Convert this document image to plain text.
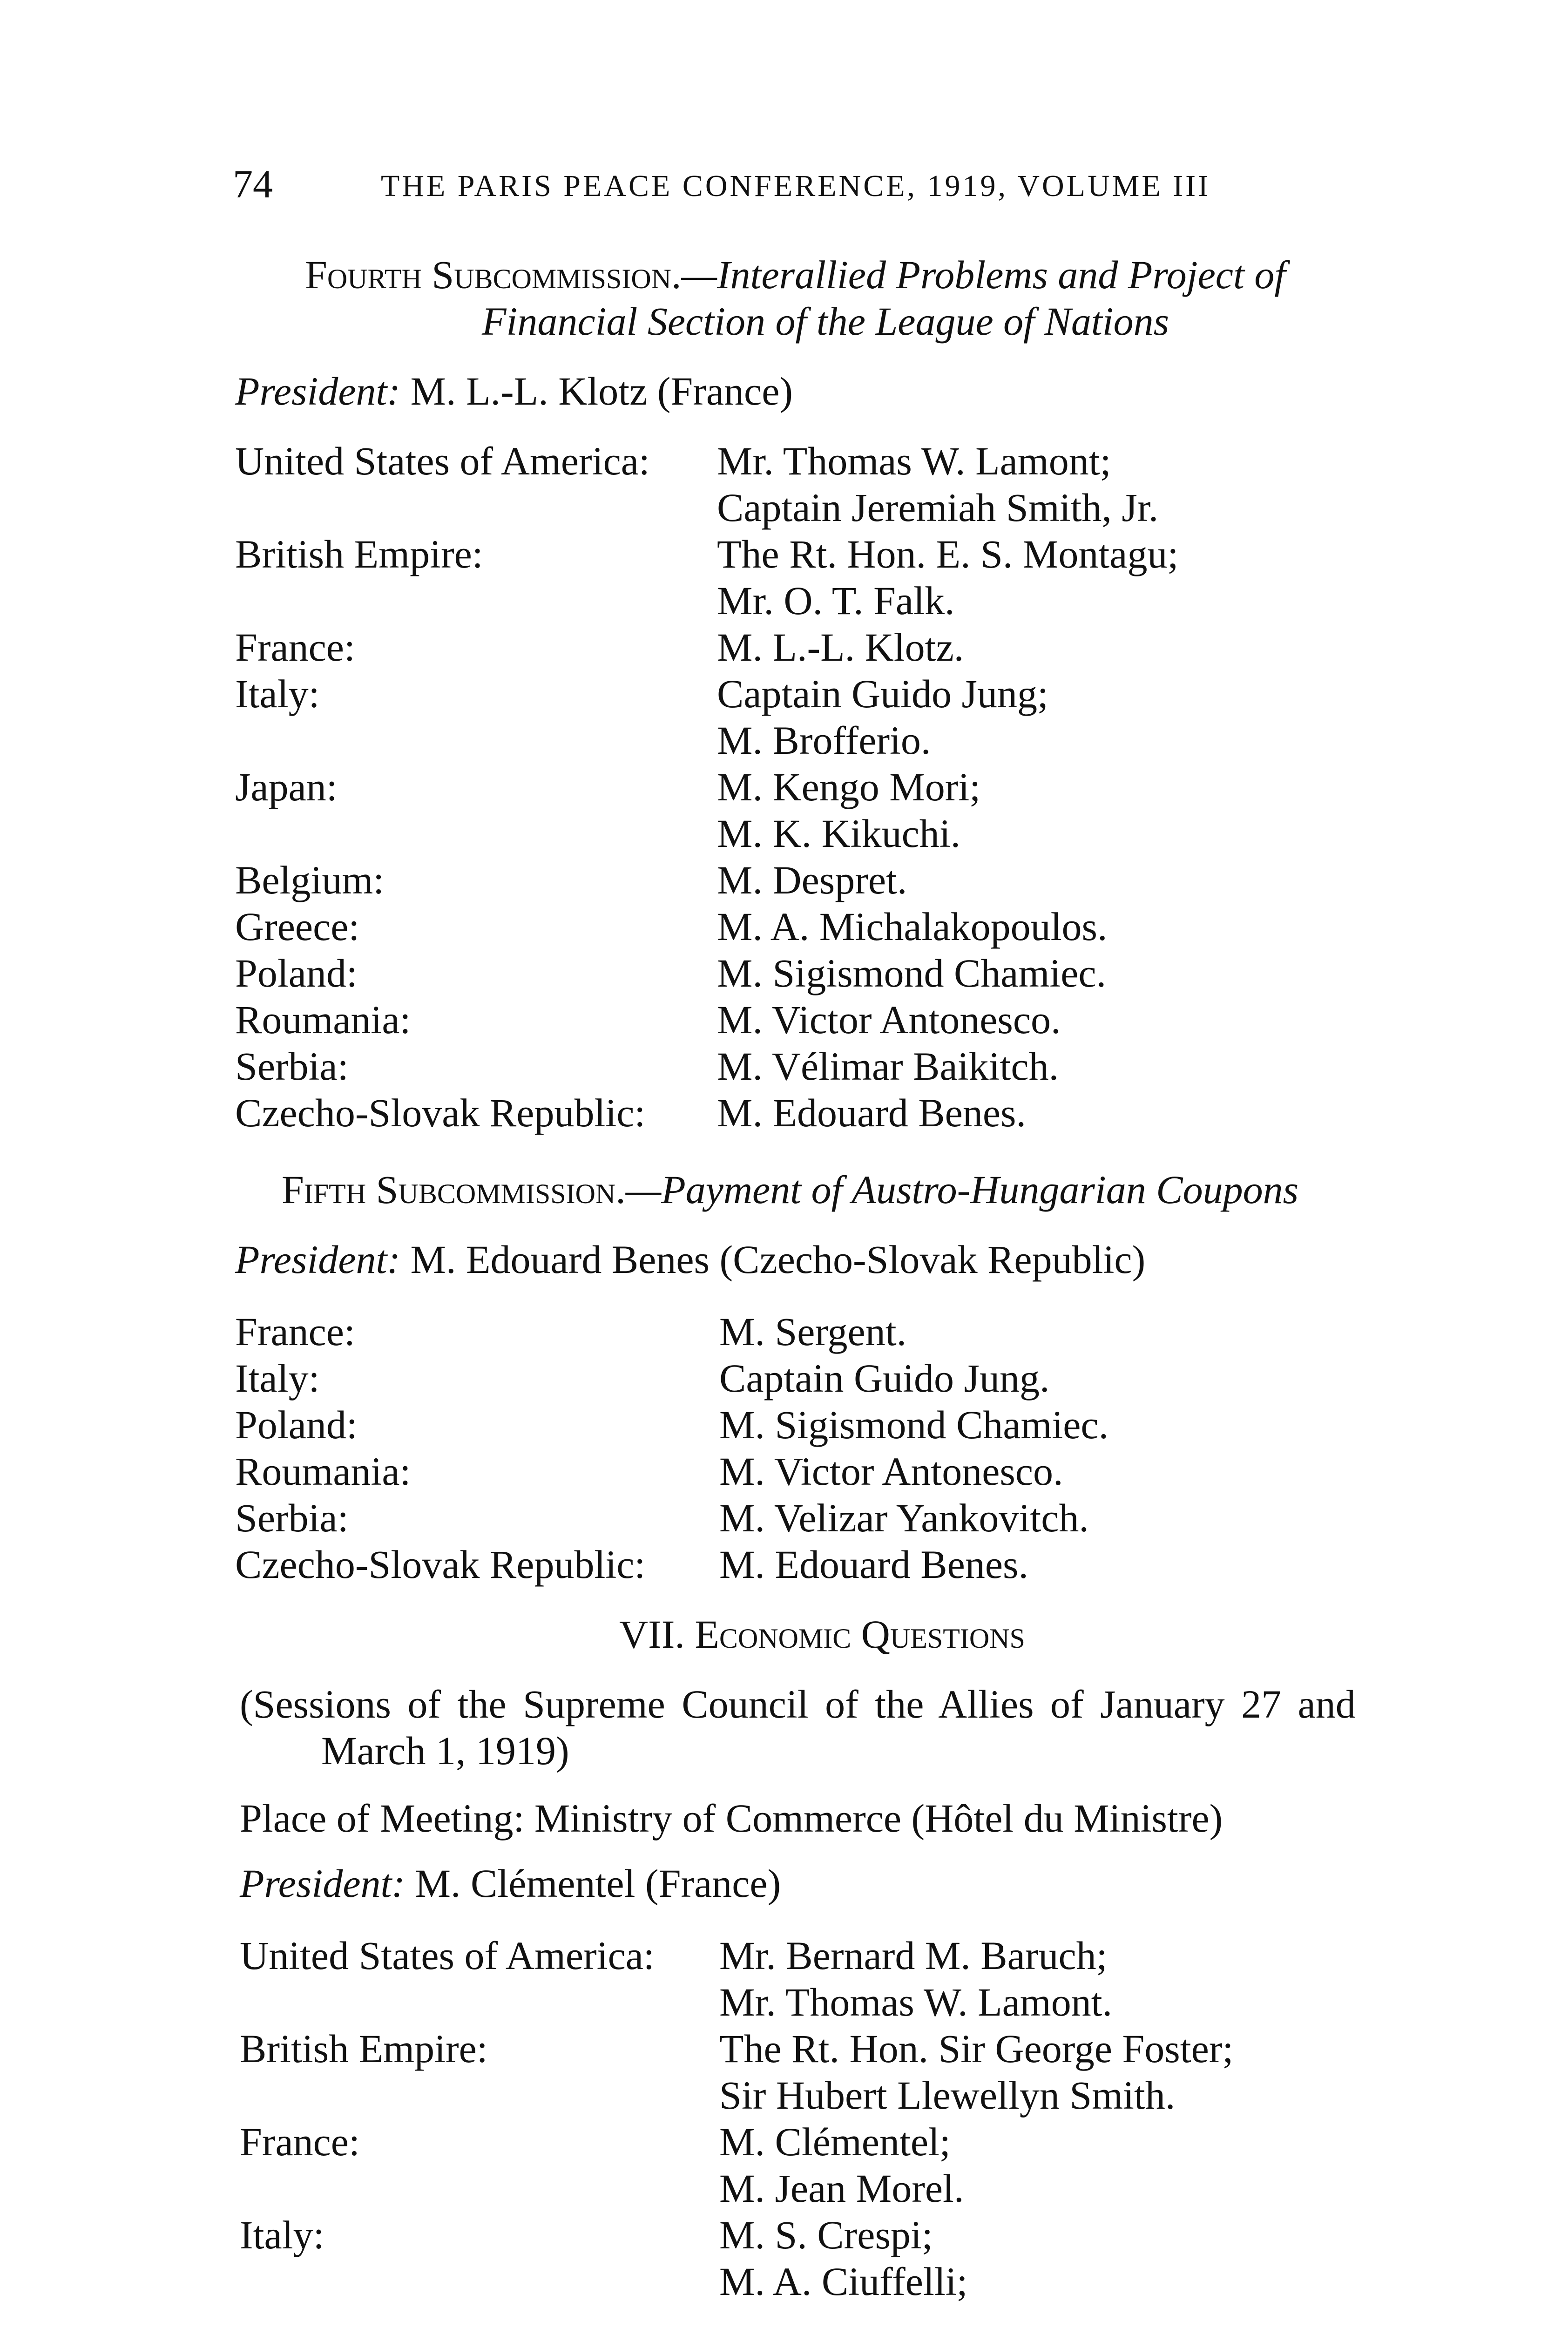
74	THE PARIS PEACE CONFERENCE, 1919, VOLUME III
Fourth Subcommission.—Interallied Problems and Project of
Financial Section of the League of Nations
President: M. L.-L. Klotz (France)
United States of America: Mr. Thomas W. Lamont;
Captain Jeremiah Smith, Jr.
British Empire:	The Rt. Hon. E. S. Montagu;
Mr. O. T. Falk.
France:	M. L.-L. Klotz.
Italy:	Captain Guido Jung;
M. Brofferio.
Japan:	M. Kengo Mori;
M. K. Kikuchi.
Belgium:	M. Despret.
Greece:	M. A. Michalakopoulos.
Poland:	M. Sigismond Chamiec.
Roumania:	M. Victor Antonesco.
Serbia:	M. Vélimar Baikitch.
Czecho-Slovak Republic: M. Edouard Benes.
Fifth Subcommission.—Payment of Austro-Hungarian Coupons
President: M. Edouard Benes (Czecho-Slovak Republic)
France:	M. Sergent.
Italy:	Captain Guido Jung.
Poland:	M. Sigismond Chamiec.
Roumania:	M. Victor Antonesco.
Serbia:	M. Velizar Yankovitch.
Czecho-Slovak Republic: M. Edouard Benes.
VII. Economic Questions
(Sessions of the Supreme Council of the Allies of January 27 and
March 1, 1919)
Place of Meeting: Ministry of Commerce (Hôtel du Ministre)
President: M. Clémentel (France)
United States of America: Mr. Bernard M. Baruch;
Mr. Thomas W. Lamont.
British Empire:	The Rt. Hon. Sir George Foster;
Sir Hubert Llewellyn Smith.
France:	M. Clémentel;
M. Jean Morel.
Italy:	M. S. Crespi;
M. A. Ciuffelli;
